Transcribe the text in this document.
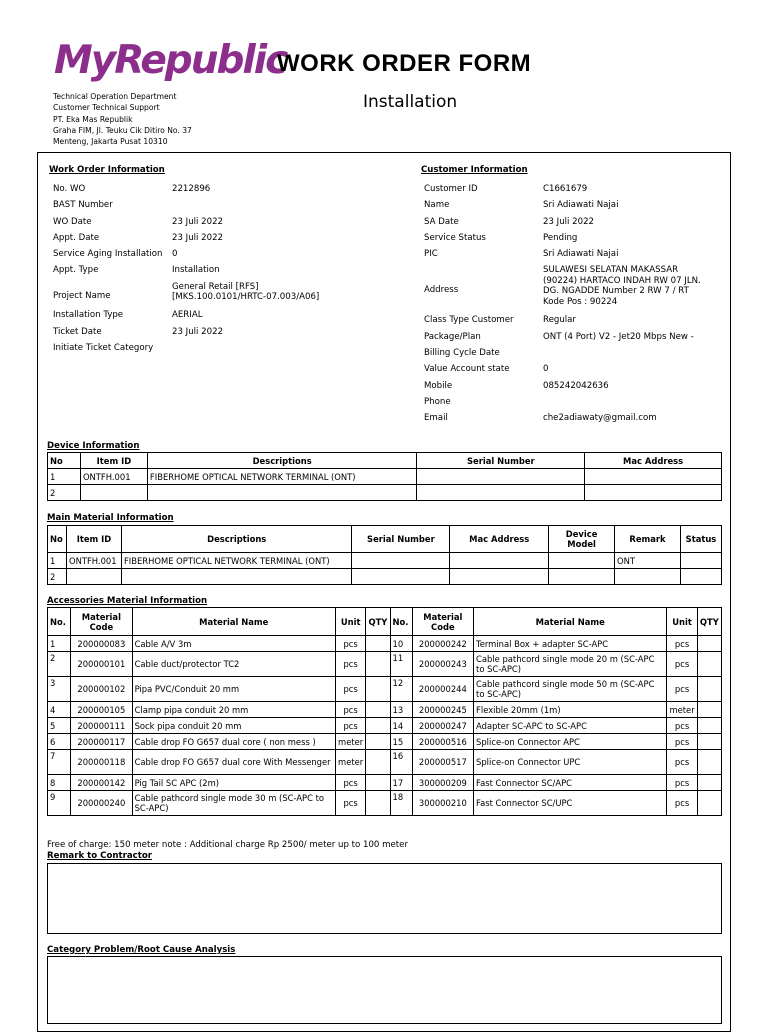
MyRepublic
WORK ORDER FORM
Installation
Technical Operation Department
Customer Technical Support
PT. Eka Mas Republik
Graha FIM, Jl. Teuku Cik Ditiro No. 37
Menteng, Jakarta Pusat 10310
Work Order Information
No. WO	2212896
BAST Number	
WO Date	23 Juli 2022
Appt. Date	23 Juli 2022
Service Aging Installation	0
Appt. Type	Installation
Project Name	General Retail [RFS]
[MKS.100.0101/HRTC-07.003/A06]
Installation Type	AERIAL
Ticket Date	23 Juli 2022
Initiate Ticket Category	
Customer Information
Customer ID	C1661679
Name	Sri Adiawati Najai
SA Date	23 Juli 2022
Service Status	Pending
PIC	Sri Adiawati Najai
Address	SULAWESI SELATAN MAKASSAR
(90224) HARTACO INDAH RW 07 JLN.
DG. NGADDE Number 2 RW 7 / RT
Kode Pos : 90224
Class Type Customer	Regular
Package/Plan	ONT (4 Port) V2 - Jet20 Mbps New -
Billing Cycle Date	
Value Account state	0
Mobile	085242042636
Phone	
Email	che2adiawaty@gmail.com
Device Information
No	Item ID	Descriptions	Serial Number	Mac Address
1	ONTFH.001	FIBERHOME OPTICAL NETWORK TERMINAL (ONT)		
2				
Main Material Information
No	Item ID	Descriptions	Serial Number	Mac Address	Device Model	Remark	Status
1	ONTFH.001	FIBERHOME OPTICAL NETWORK TERMINAL (ONT)				ONT	
2							
Accessories Material Information
No.	Material Code	Material Name	Unit	QTY	No.	Material Code	Material Name	Unit	QTY
1	200000083	Cable A/V 3m	pcs		10	200000242	Terminal Box + adapter SC-APC	pcs	
2	200000101	Cable duct/protector TC2	pcs		11	200000243	Cable pathcord single mode 20 m (SC-APC to SC-APC)	pcs	
3	200000102	Pipa PVC/Conduit 20 mm	pcs		12	200000244	Cable pathcord single mode 50 m (SC-APC to SC-APC)	pcs	
4	200000105	Clamp pipa conduit 20 mm	pcs		13	200000245	Flexible 20mm (1m)	meter	
5	200000111	Sock pipa conduit 20 mm	pcs		14	200000247	Adapter SC-APC to SC-APC	pcs	
6	200000117	Cable drop FO G657 dual core ( non mess )	meter		15	200000516	Splice-on Connector APC	pcs	
7	200000118	Cable drop FO G657 dual core With Messenger	meter		16	200000517	Splice-on Connector UPC	pcs	
8	200000142	Pig Tail SC APC (2m)	pcs		17	300000209	Fast Connector SC/APC	pcs	
9	200000240	Cable pathcord single mode 30 m (SC-APC to SC-APC)	pcs		18	300000210	Fast Connector SC/UPC	pcs	
Free of charge: 150 meter note : Additional charge Rp 2500/ meter up to 100 meter
Remark to Contractor
Category Problem/Root Cause Analysis
